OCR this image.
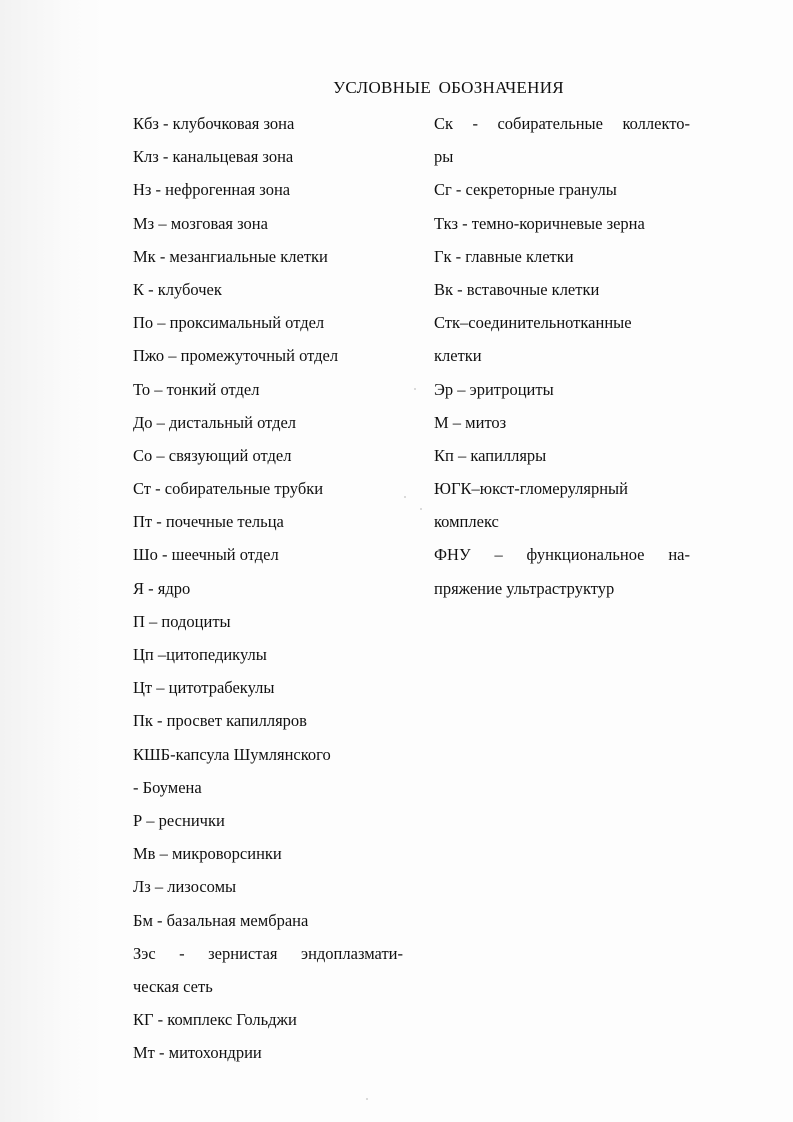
УСЛОВНЫЕ ОБОЗНАЧЕНИЯ
Кбз - клубочковая зона
Клз - канальцевая зона
Нз - нефрогенная зона
Мз – мозговая зона
Мк - мезангиальные клетки
К - клубочек
По – проксимальный отдел
Пжо – промежуточный отдел
То – тонкий отдел
До – дистальный отдел
Со – связующий отдел
Ст - собирательные трубки
Пт - почечные тельца
Шо - шеечный отдел
Я - ядро
П – подоциты
Цп –цитопедикулы
Цт – цитотрабекулы
Пк - просвет капилляров
КШБ-капсула Шумлянского
- Боумена
Р – реснички
Мв – микроворсинки
Лз – лизосомы
Бм - базальная мембрана
Зэс - зернистая эндоплазмати-
ческая сеть
КГ - комплекс Гольджи
Мт - митохондрии
Ск - собирательные коллекто-
ры
Сг - секреторные гранулы
Ткз - темно-коричневые зерна
Гк - главные клетки
Вк - вставочные клетки
Стк–соединительнотканные
клетки
Эр – эритроциты
М – митоз
Кп – капилляры
ЮГК–юкст-гломерулярный
комплекс
ФНУ – функциональное на-
пряжение ультраструктур
